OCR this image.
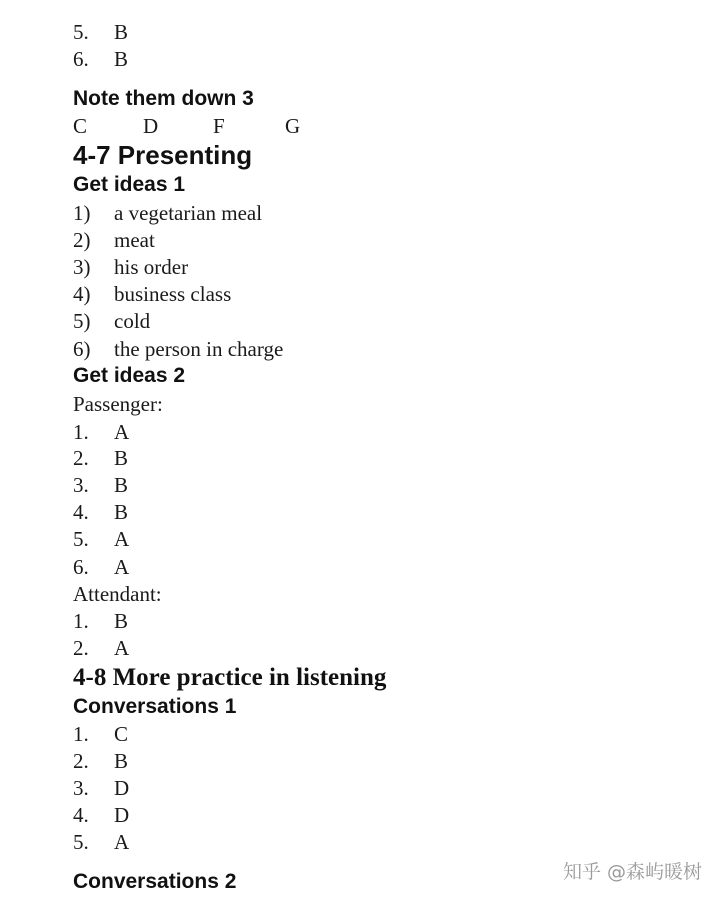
5. B
6. B
Note them down 3
C	D	F	G
4-7 Presenting
Get ideas 1
1) a vegetarian meal
2) meat
3) his order
4) business class
5) cold
6) the person in charge
Get ideas 2
Passenger:
1. A
2. B
3. B
4. B
5. A
6. A
Attendant:
1. B
2. A
4-8 More practice in listening
Conversations 1
1. C
2. B
3. D
4. D
5. A
Conversations 2	知乎 @森屿暖树
